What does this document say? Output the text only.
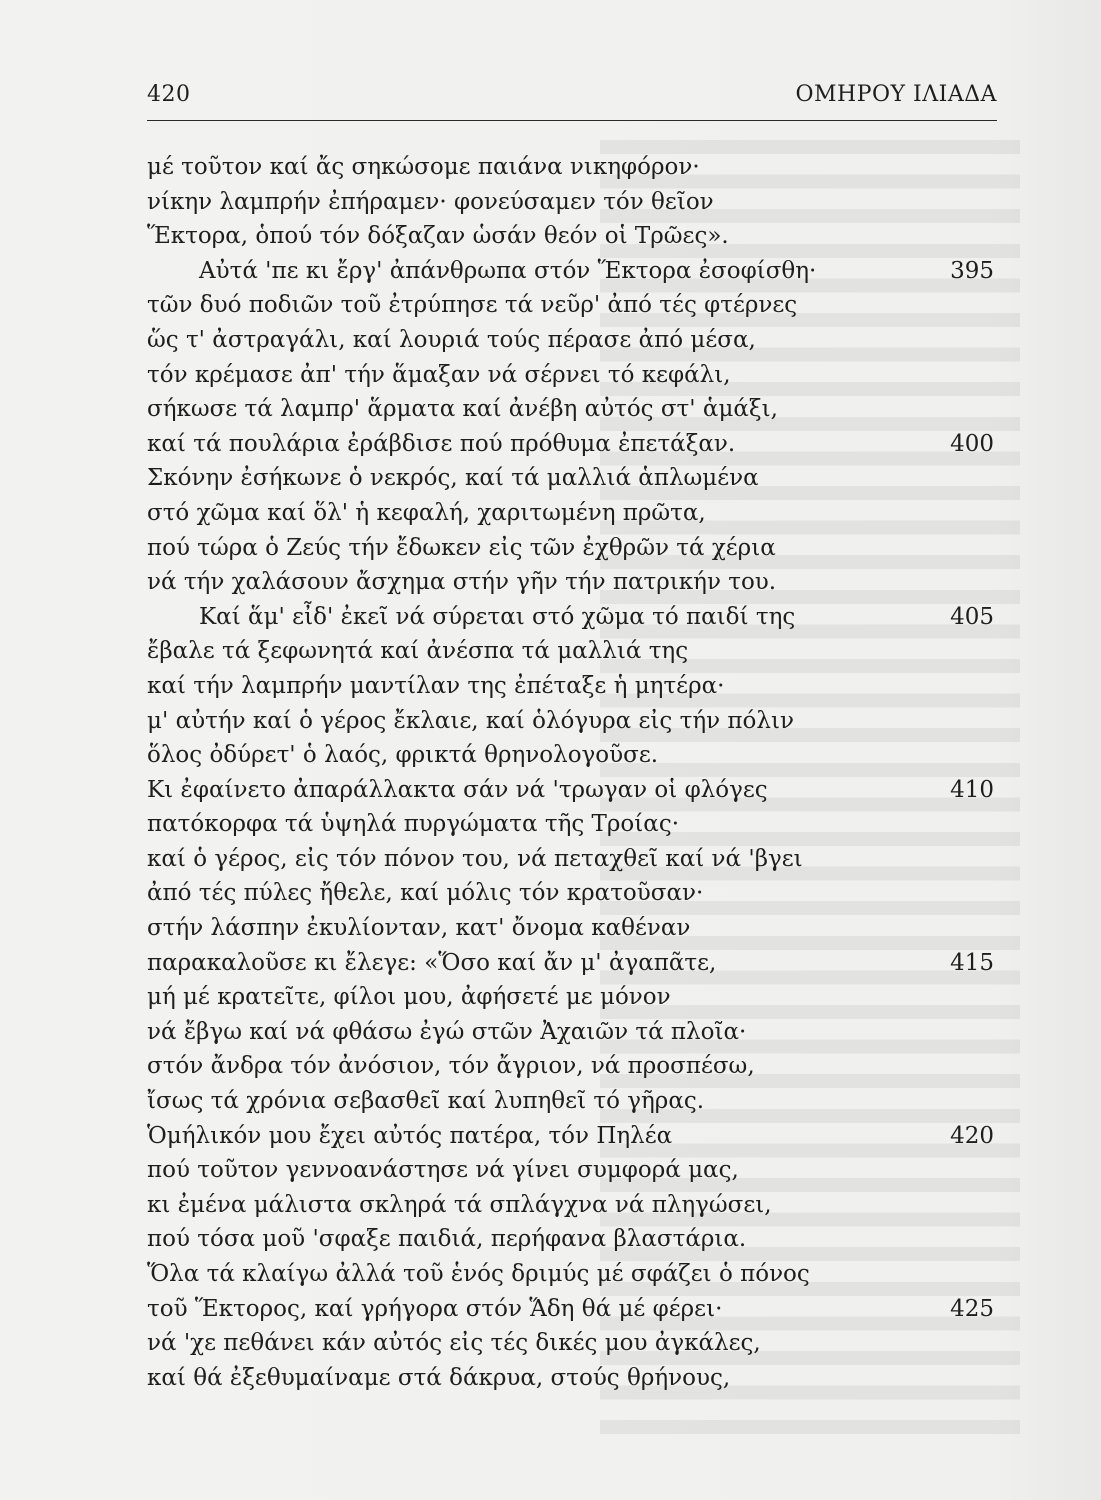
420	ΟΜΗΡΟΥ ΙΛΙΑΔΑ
μέ τοῦτον καί ἄς σηκώσομε παιάνα νικηφόρον·
νίκην λαμπρήν ἐπήραμεν· φονεύσαμεν τόν θεῖον
Ἕκτορα, ὁπού τόν δόξαζαν ὡσάν θεόν οἱ Τρῶες».
Αὐτά 'πε κι ἔργ' ἀπάνθρωπα στόν Ἕκτορα ἐσοφίσθη·	395
τῶν δυό ποδιῶν τοῦ ἐτρύπησε τά νεῦρ' ἀπό τές φτέρνες
ὥς τ' ἀστραγάλι, καί λουριά τούς πέρασε ἀπό μέσα,
τόν κρέμασε ἀπ' τήν ἅμαξαν νά σέρνει τό κεφάλι,
σήκωσε τά λαμπρ' ἅρματα καί ἀνέβη αὐτός στ' ἁμάξι,
καί τά πουλάρια ἐράβδισε πού πρόθυμα ἐπετάξαν.	400
Σκόνην ἐσήκωνε ὁ νεκρός, καί τά μαλλιά ἁπλωμένα
στό χῶμα καί ὅλ' ἡ κεφαλή, χαριτωμένη πρῶτα,
πού τώρα ὁ Ζεύς τήν ἔδωκεν εἰς τῶν ἐχθρῶν τά χέρια
νά τήν χαλάσουν ἄσχημα στήν γῆν τήν πατρικήν του.
Καί ἅμ' εἶδ' ἐκεῖ νά σύρεται στό χῶμα τό παιδί της	405
ἔβαλε τά ξεφωνητά καί ἀνέσπα τά μαλλιά της
καί τήν λαμπρήν μαντίλαν της ἐπέταξε ἡ μητέρα·
μ' αὐτήν καί ὁ γέρος ἔκλαιε, καί ὁλόγυρα εἰς τήν πόλιν
ὅλος ὀδύρετ' ὁ λαός, φρικτά θρηνολογοῦσε.
Κι ἐφαίνετο ἀπαράλλακτα σάν νά 'τρωγαν οἱ φλόγες	410
πατόκορφα τά ὑψηλά πυργώματα τῆς Τροίας·
καί ὁ γέρος, εἰς τόν πόνον του, νά πεταχθεῖ καί νά 'βγει
ἀπό τές πύλες ἤθελε, καί μόλις τόν κρατοῦσαν·
στήν λάσπην ἐκυλίονταν, κατ' ὄνομα καθέναν
παρακαλοῦσε κι ἔλεγε: «Ὅσο καί ἄν μ' ἀγαπᾶτε,	415
μή μέ κρατεῖτε, φίλοι μου, ἀφήσετέ με μόνον
νά ἔβγω καί νά φθάσω ἐγώ στῶν Ἀχαιῶν τά πλοῖα·
στόν ἄνδρα τόν ἀνόσιον, τόν ἄγριον, νά προσπέσω,
ἴσως τά χρόνια σεβασθεῖ καί λυπηθεῖ τό γῆρας.
Ὁμήλικόν μου ἔχει αὐτός πατέρα, τόν Πηλέα	420
πού τοῦτον γεννοανάστησε νά γίνει συμφορά μας,
κι ἐμένα μάλιστα σκληρά τά σπλάγχνα νά πληγώσει,
πού τόσα μοῦ 'σφαξε παιδιά, περήφανα βλαστάρια.
Ὅλα τά κλαίγω ἀλλά τοῦ ἑνός δριμύς μέ σφάζει ὁ πόνος
τοῦ Ἕκτορος, καί γρήγορα στόν Ἅδη θά μέ φέρει·	425
νά 'χε πεθάνει κάν αὐτός εἰς τές δικές μου ἀγκάλες,
καί θά ἐξεθυμαίναμε στά δάκρυα, στούς θρήνους,
